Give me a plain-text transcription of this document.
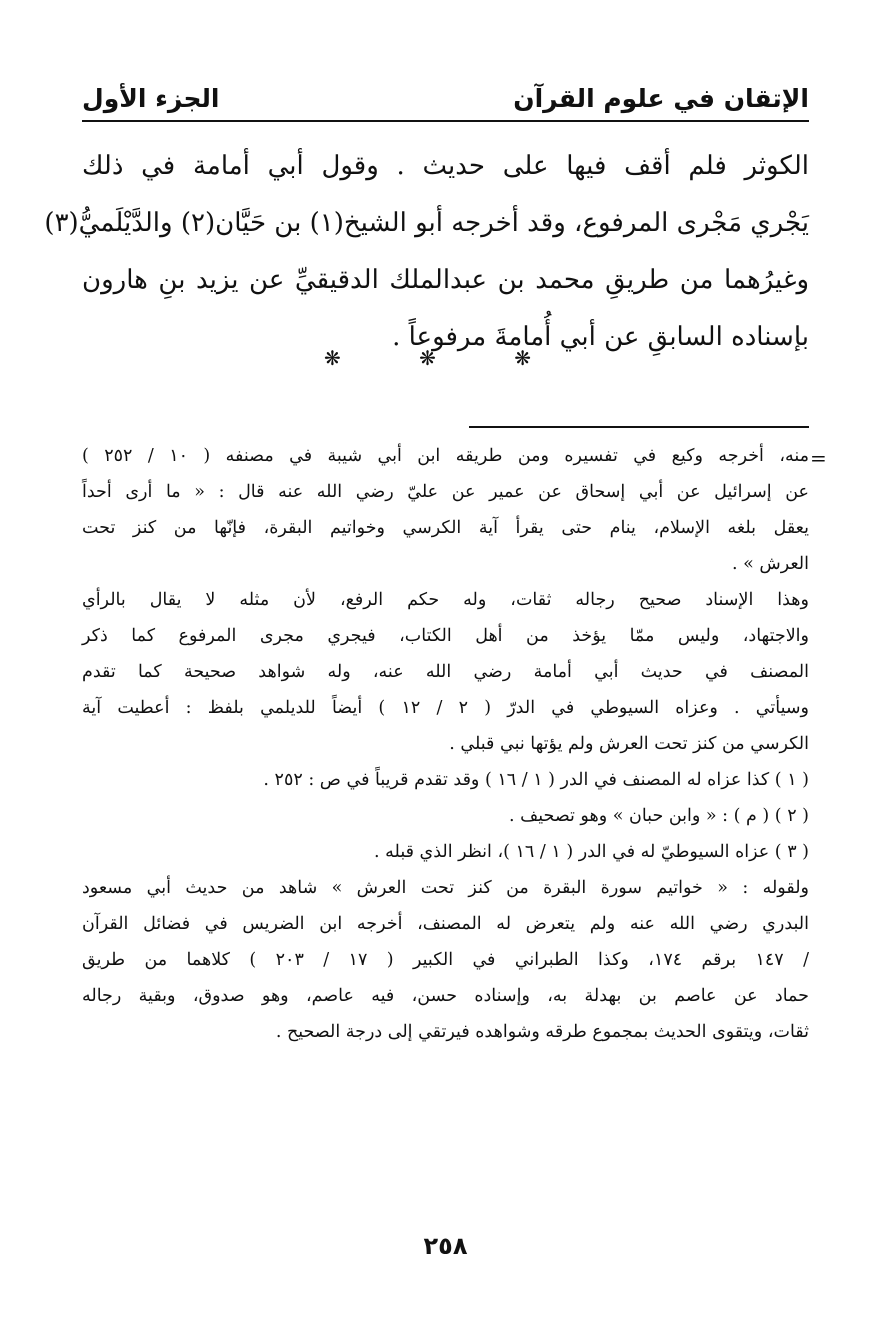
الإتقان في علوم القرآن
الجزء الأول
الكوثر فلم أقف فيها على حديث . وقول أبي أمامة في ذلك
يَجْري مَجْرى المرفوع، وقد أخرجه أبو الشيخ(١) بن حَيَّان(٢) والدَّيْلَميُّ(٣)
وغيرُهما من طريقِ محمد بن عبدالملك الدقيقيِّ عن يزيد بنِ هارون
بإسناده السابقِ عن أبي أُمامةَ مرفوعاً .
❋ ❋ ❋
=
منه، أخرجه وكيع في تفسيره ومن طريقه ابن أبي شيبة في مصنفه ( ١٠ / ٢٥٢ )
عن إسرائيل عن أبي إسحاق عن عمير عن عليّ رضي الله عنه قال : « ما أرى أحداً
يعقل بلغه الإسلام، ينام حتى يقرأ آية الكرسي وخواتيم البقرة، فإنّها من كنز تحت
العرش » .
وهذا الإسناد صحيح رجاله ثقات، وله حكم الرفع، لأن مثله لا يقال بالرأي
والاجتهاد، وليس ممّا يؤخذ من أهل الكتاب، فيجري مجرى المرفوع كما ذكر
المصنف في حديث أبي أمامة رضي الله عنه، وله شواهد صحيحة كما تقدم
وسيأتي . وعزاه السيوطي في الدرّ ( ٢ / ١٢ ) أيضاً للديلمي بلفظ : أعطيت آية
الكرسي من كنز تحت العرش ولم يؤتها نبي قبلي .
( ١ ) كذا عزاه له المصنف في الدر ( ١ / ١٦ ) وقد تقدم قريباً في ص : ٢٥٢ .
( ٢ ) ( م ) : « وابن حبان » وهو تصحيف .
( ٣ ) عزاه السيوطيّ له في الدر ( ١ / ١٦ )، انظر الذي قبله .
ولقوله : « خواتيم سورة البقرة من كنز تحت العرش » شاهد من حديث أبي مسعود
البدري رضي الله عنه ولم يتعرض له المصنف، أخرجه ابن الضريس في فضائل القرآن
/ ١٤٧ برقم ١٧٤، وكذا الطبراني في الكبير ( ١٧ / ٢٠٣ ) كلاهما من طريق
حماد عن عاصم بن بهدلة به، وإسناده حسن، فيه عاصم، وهو صدوق، وبقية رجاله
ثقات، ويتقوى الحديث بمجموع طرقه وشواهده فيرتقي إلى درجة الصحيح .
٢٥٨
